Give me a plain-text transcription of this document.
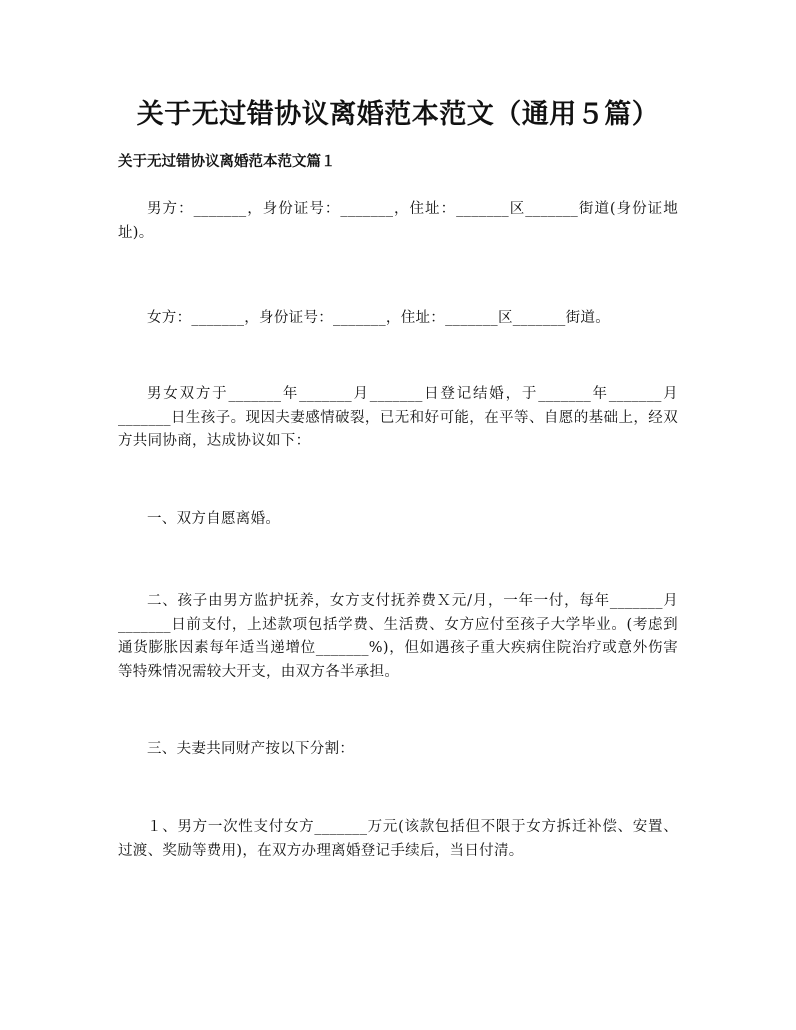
关于无过错协议离婚范本范文（通用５篇）
关于无过错协议离婚范本范文篇１

男方：_______，身份证号：_______，住址：_______区_______街道(身份证地址)。

女方：_______，身份证号：_______，住址：_______区_______街道。

男女双方于_______年_______月_______日登记结婚，于_______年_______月_______日生孩子。现因夫妻感情破裂，已无和好可能，在平等、自愿的基础上，经双方共同协商，达成协议如下：

一、双方自愿离婚。

二、孩子由男方监护抚养，女方支付抚养费Ｘ元/月，一年一付，每年_______月_______日前支付，上述款项包括学费、生活费、女方应付至孩子大学毕业。(考虑到通货膨胀因素每年适当递增位_______%)，但如遇孩子重大疾病住院治疗或意外伤害等特殊情况需较大开支，由双方各半承担。

三、夫妻共同财产按以下分割：

１、男方一次性支付女方_______万元(该款包括但不限于女方拆迁补偿、安置、过渡、奖励等费用)，在双方办理离婚登记手续后，当日付清。
